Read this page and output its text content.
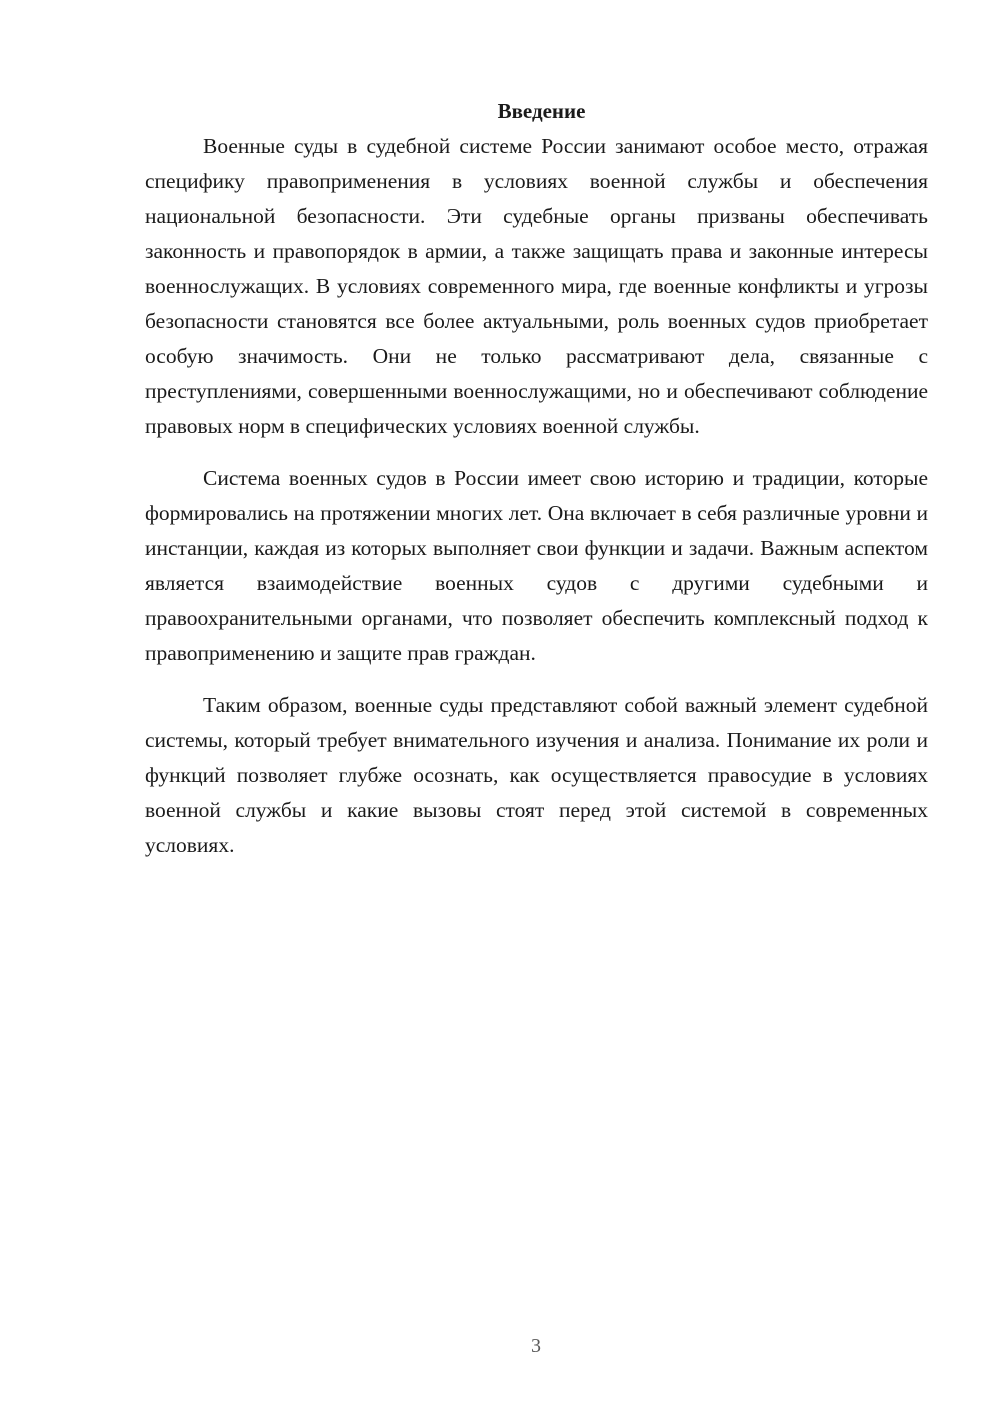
Введение

Военные суды в судебной системе России занимают особое место, отражая специфику правоприменения в условиях военной службы и обеспечения национальной безопасности. Эти судебные органы призваны обеспечивать законность и правопорядок в армии, а также защищать права и законные интересы военнослужащих. В условиях современного мира, где военные конфликты и угрозы безопасности становятся все более актуальными, роль военных судов приобретает особую значимость. Они не только рассматривают дела, связанные с преступлениями, совершенными военнослужащими, но и обеспечивают соблюдение правовых норм в специфических условиях военной службы.

Система военных судов в России имеет свою историю и традиции, которые формировались на протяжении многих лет. Она включает в себя различные уровни и инстанции, каждая из которых выполняет свои функции и задачи. Важным аспектом является взаимодействие военных судов с другими судебными и правоохранительными органами, что позволяет обеспечить комплексный подход к правоприменению и защите прав граждан.

Таким образом, военные суды представляют собой важный элемент судебной системы, который требует внимательного изучения и анализа. Понимание их роли и функций позволяет глубже осознать, как осуществляется правосудие в условиях военной службы и какие вызовы стоят перед этой системой в современных условиях.

3
